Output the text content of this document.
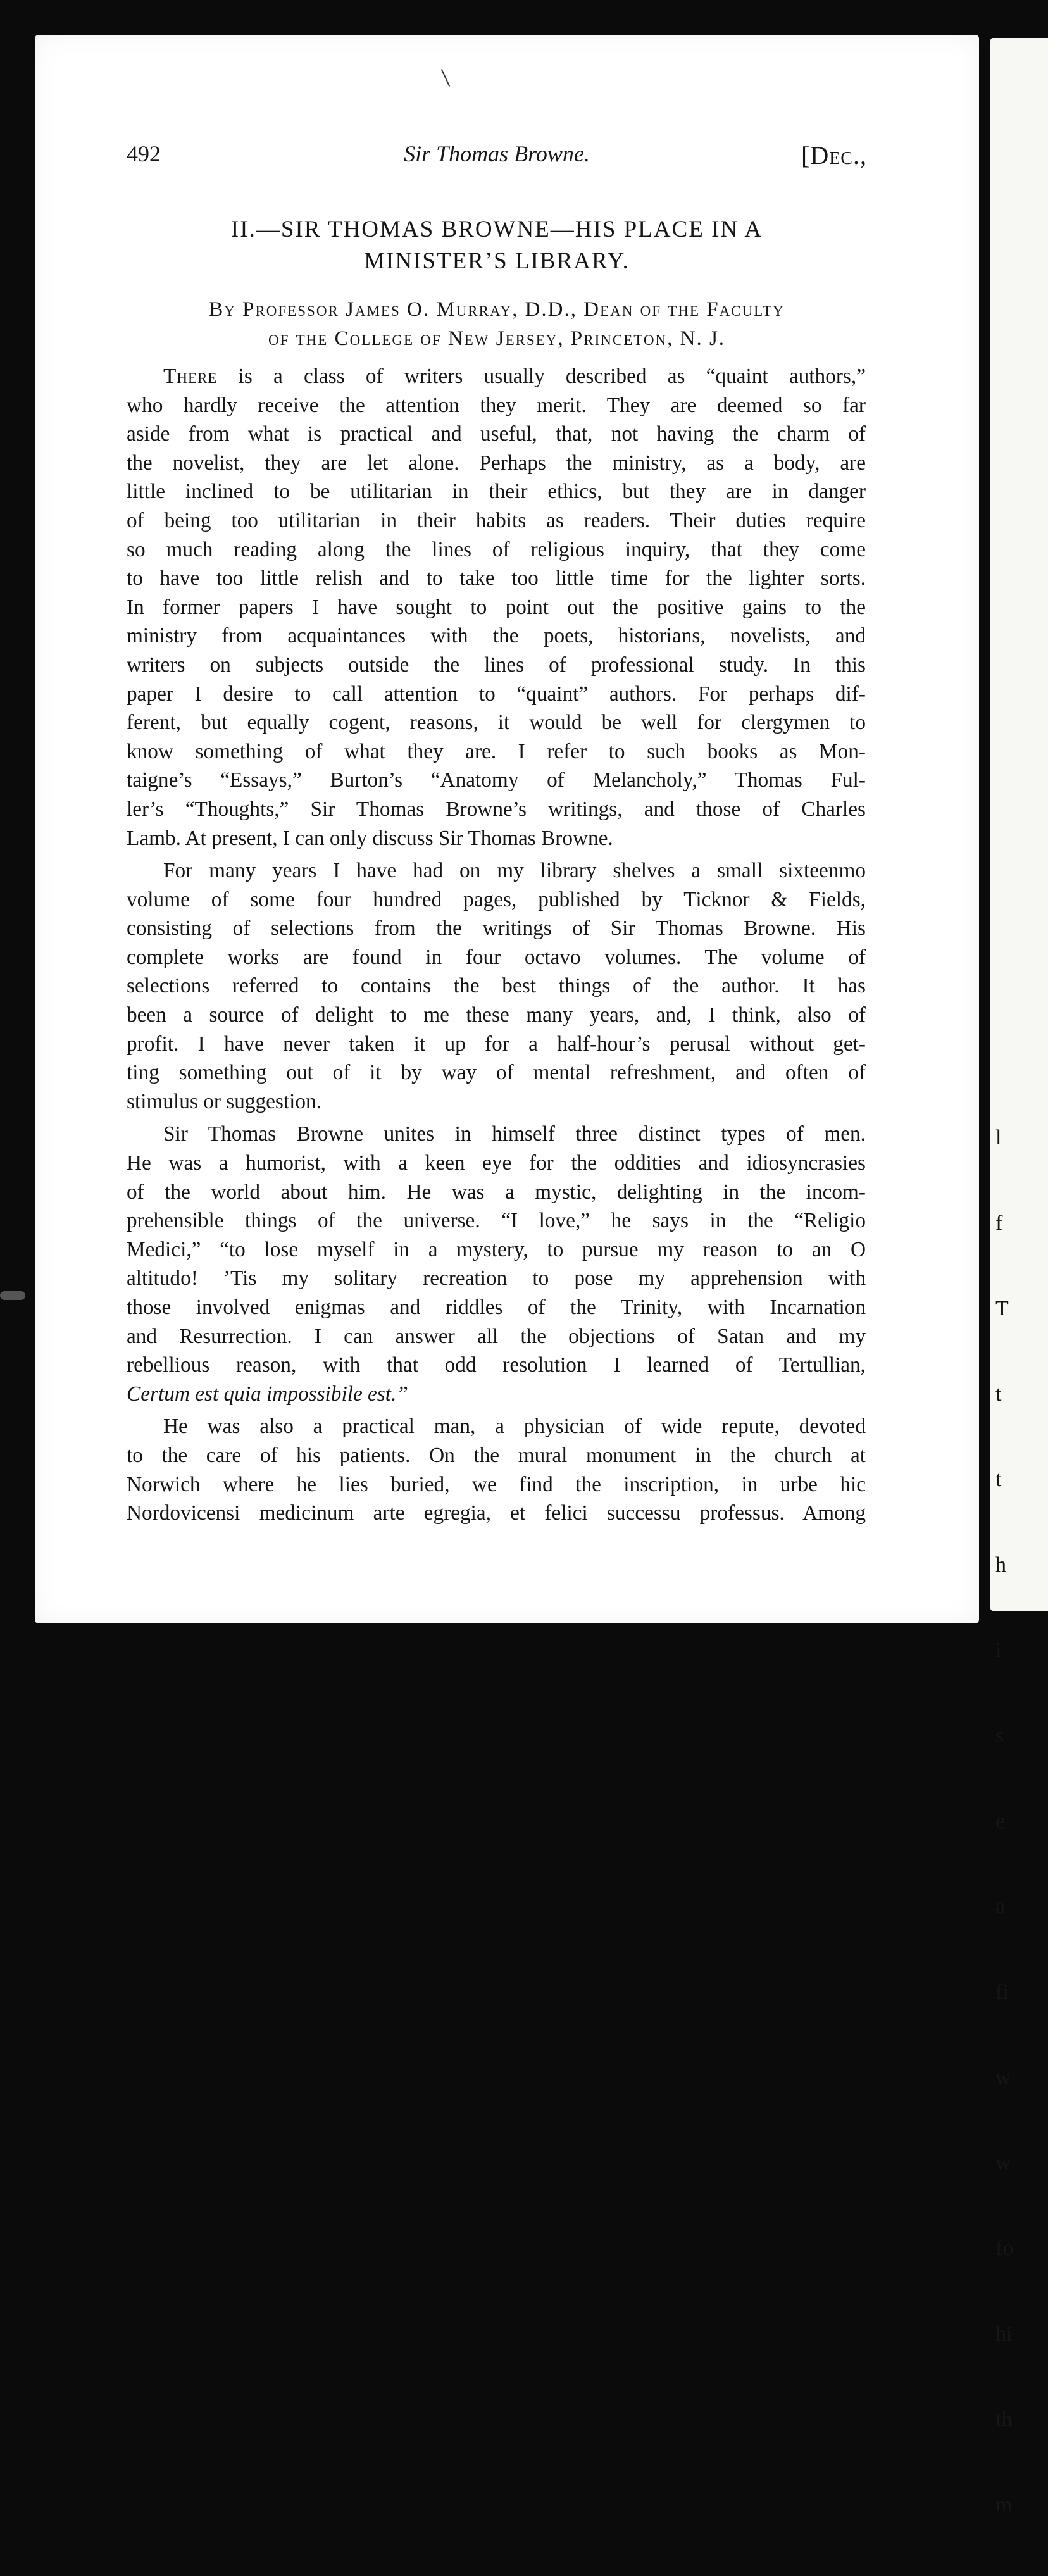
l

f

T

t

t

h

i

s

e

a

fi

w

w

fo

hi

th

m

492	Sir Thomas Browne.	[Dec.,
II.—SIR THOMAS BROWNE—HIS PLACE IN A
MINISTER’S LIBRARY.
By Professor James O. Murray, D.D., Dean of the Faculty
of the College of New Jersey, Princeton, N. J.
There is a class of writers usually described as “quaint authors,”
who hardly receive the attention they merit. They are deemed so far
aside from what is practical and useful, that, not having the charm of
the novelist, they are let alone. Perhaps the ministry, as a body, are
little inclined to be utilitarian in their ethics, but they are in danger
of being too utilitarian in their habits as readers. Their duties require
so much reading along the lines of religious inquiry, that they come
to have too little relish and to take too little time for the lighter sorts.
In former papers I have sought to point out the positive gains to the
ministry from acquaintances with the poets, historians, novelists, and
writers on subjects outside the lines of professional study. In this
paper I desire to call attention to “quaint” authors. For perhaps dif-
ferent, but equally cogent, reasons, it would be well for clergymen to
know something of what they are. I refer to such books as Mon-
taigne’s “Essays,” Burton’s “Anatomy of Melancholy,” Thomas Ful-
ler’s “Thoughts,” Sir Thomas Browne’s writings, and those of Charles
Lamb. At present, I can only discuss Sir Thomas Browne.
For many years I have had on my library shelves a small sixteenmo
volume of some four hundred pages, published by Ticknor & Fields,
consisting of selections from the writings of Sir Thomas Browne. His
complete works are found in four octavo volumes. The volume of
selections referred to contains the best things of the author. It has
been a source of delight to me these many years, and, I think, also of
profit. I have never taken it up for a half-hour’s perusal without get-
ting something out of it by way of mental refreshment, and often of
stimulus or suggestion.
Sir Thomas Browne unites in himself three distinct types of men.
He was a humorist, with a keen eye for the oddities and idiosyncrasies
of the world about him. He was a mystic, delighting in the incom-
prehensible things of the universe. “I love,” he says in the “Religio
Medici,” “to lose myself in a mystery, to pursue my reason to an O
altitudo! ’Tis my solitary recreation to pose my apprehension with
those involved enigmas and riddles of the Trinity, with Incarnation
and Resurrection. I can answer all the objections of Satan and my
rebellious reason, with that odd resolution I learned of Tertullian,
Certum est quia impossibile est.”
He was also a practical man, a physician of wide repute, devoted
to the care of his patients. On the mural monument in the church at
Norwich where he lies buried, we find the inscription, in urbe hic
Nordovicensi medicinum arte egregia, et felici successu professus. Among
